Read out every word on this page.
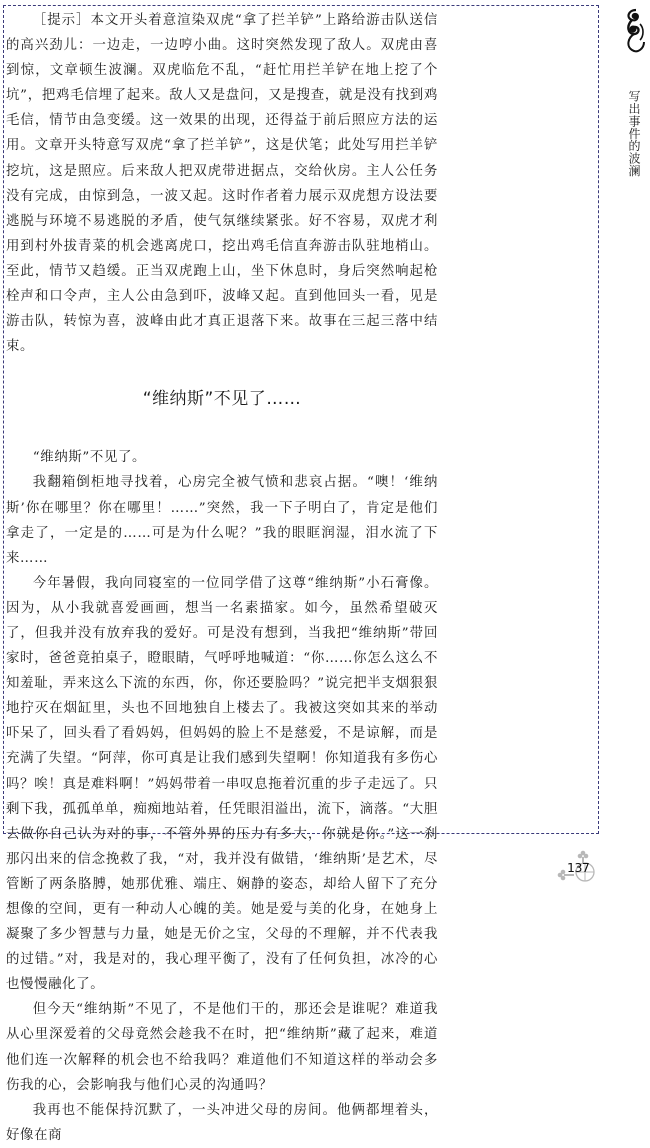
［提示］本文开头着意渲染双虎“拿了拦羊铲”上路给游击队送信的高兴劲儿：一边走，一边哼小曲。这时突然发现了敌人。双虎由喜到惊，文章顿生波澜。双虎临危不乱，“赶忙用拦羊铲在地上挖了个坑”，把鸡毛信埋了起来。敌人又是盘问，又是搜查，就是没有找到鸡毛信，情节由急变缓。这一效果的出现，还得益于前后照应方法的运用。文章开头特意写双虎“拿了拦羊铲”，这是伏笔；此处写用拦羊铲挖坑，这是照应。后来敌人把双虎带进据点，交给伙房。主人公任务没有完成，由惊到急，一波又起。这时作者着力展示双虎想方设法要逃脱与环境不易逃脱的矛盾，使气氛继续紧张。好不容易，双虎才利用到村外拔青菜的机会逃离虎口，挖出鸡毛信直奔游击队驻地梢山。至此，情节又趋缓。正当双虎跑上山，坐下休息时，身后突然响起枪栓声和口令声，主人公由急到吓，波峰又起。直到他回头一看，见是游击队，转惊为喜，波峰由此才真正退落下来。故事在三起三落中结束。

“维纳斯”不见了……

“维纳斯”不见了。

我翻箱倒柜地寻找着，心房完全被气愤和悲哀占据。“噢！‘维纳斯’你在哪里？你在哪里！……”突然，我一下子明白了，肯定是他们拿走了，一定是的……可是为什么呢？”我的眼眶润湿，泪水流了下来……

今年暑假，我向同寝室的一位同学借了这尊“维纳斯”小石膏像。因为，从小我就喜爱画画，想当一名素描家。如今，虽然希望破灭了，但我并没有放弃我的爱好。可是没有想到，当我把“维纳斯”带回家时，爸爸竟拍桌子，瞪眼睛，气呼呼地喊道：“你……你怎么这么不知羞耻，弄来这么下流的东西，你，你还要脸吗？”说完把半支烟狠狠地拧灭在烟缸里，头也不回地独自上楼去了。我被这突如其来的举动吓呆了，回头看了看妈妈，但妈妈的脸上不是慈爱，不是谅解，而是充满了失望。“阿萍，你可真是让我们感到失望啊！你知道我有多伤心吗？唉！真是难料啊！”妈妈带着一串叹息拖着沉重的步子走远了。只剩下我，孤孤单单，痴痴地站着，任凭眼泪溢出，流下，滴落。“大胆去做你自己认为对的事，不管外界的压力有多大，你就是你。”这一刹那闪出来的信念挽救了我，“对，我并没有做错，‘维纳斯’是艺术，尽管断了两条胳膊，她那优雅、端庄、娴静的姿态，却给人留下了充分想像的空间，更有一种动人心魄的美。她是爱与美的化身，在她身上凝聚了多少智慧与力量，她是无价之宝，父母的不理解，并不代表我的过错。”对，我是对的，我心理平衡了，没有了任何负担，冰冷的心也慢慢融化了。

但今天“维纳斯”不见了，不是他们干的，那还会是谁呢？难道我从心里深爱着的父母竟然会趁我不在时，把“维纳斯”藏了起来，难道他们连一次解释的机会也不给我吗？难道他们不知道这样的举动会多伤我的心，会影响我与他们心灵的沟通吗？

我再也不能保持沉默了，一头冲进父母的房间。他俩都埋着头，好像在商

写出事件的波澜
137
